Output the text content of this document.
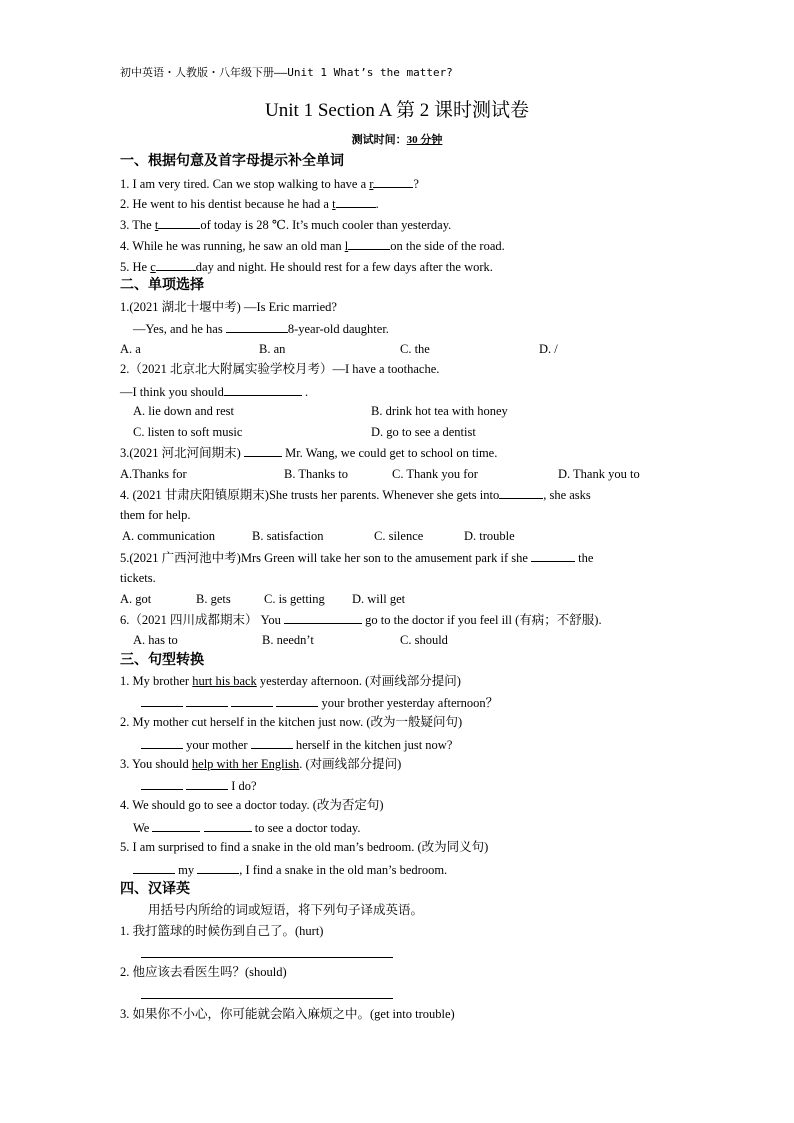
初中英语・人教版・八年级下册——Unit 1 What’s the matter?
Unit 1 Section A 第 2 课时测试卷
测试时间：30 分钟
一、根据句意及首字母提示补全单词
1. I am very tired. Can we stop walking to have a r	?
2. He went to his dentist because he had a t	.
3. The t	of today is 28 ℃. It’s much cooler than yesterday.
4. While he was running, he saw an old man l	on the side of the road.
5. He c	day and night. He should rest for a few days after the work.
二、单项选择
1.(2021 湖北十堰中考) —Is Eric married?
—Yes, and he has	8-year-old daughter.
A. a	B. an	C. the	D. /
2.（2021 北京北大附属实验学校月考）—I have a toothache.
—I think you should	.
A. lie down and rest	B. drink hot tea with honey
C. listen to soft music	D. go to see a dentist
3.(2021 河北河间期末)	Mr. Wang, we could get to school on time.
A.Thanks for	B. Thanks to	C. Thank you for	D. Thank you to
4. (2021 甘肃庆阳镇原期末)She trusts her parents. Whenever she gets into	, she asks
them for help.
A. communication	B. satisfaction	C. silence	D. trouble
5.(2021 广西河池中考)Mrs Green will take her son to the amusement park if she	the
tickets.
A. got	B. gets	C. is getting D. will get
6.（2021 四川成都期末） You	go to the doctor if you feel ill (有病；不舒服).
A. has to	B. needn’t	C. should
三、句型转换
1. My brother hurt his back yesterday afternoon. (对画线部分提问)
your brother yesterday afternoon？
2. My mother cut herself in the kitchen just now. (改为一般疑问句)
your mother	herself in the kitchen just now?
3. You should help with her English. (对画线部分提问)
I do?
4. We should go to see a doctor today. (改为否定句)
We	to see a doctor today.
5. I am surprised to find a snake in the old man’s bedroom. (改为同义句)
my	, I find a snake in the old man’s bedroom.
四、汉译英
用括号内所给的词或短语，将下列句子译成英语。
1. 我打篮球的时候伤到自己了。(hurt)
2. 他应该去看医生吗？(should)
3. 如果你不小心，你可能就会陷入麻烦之中。(get into trouble)
